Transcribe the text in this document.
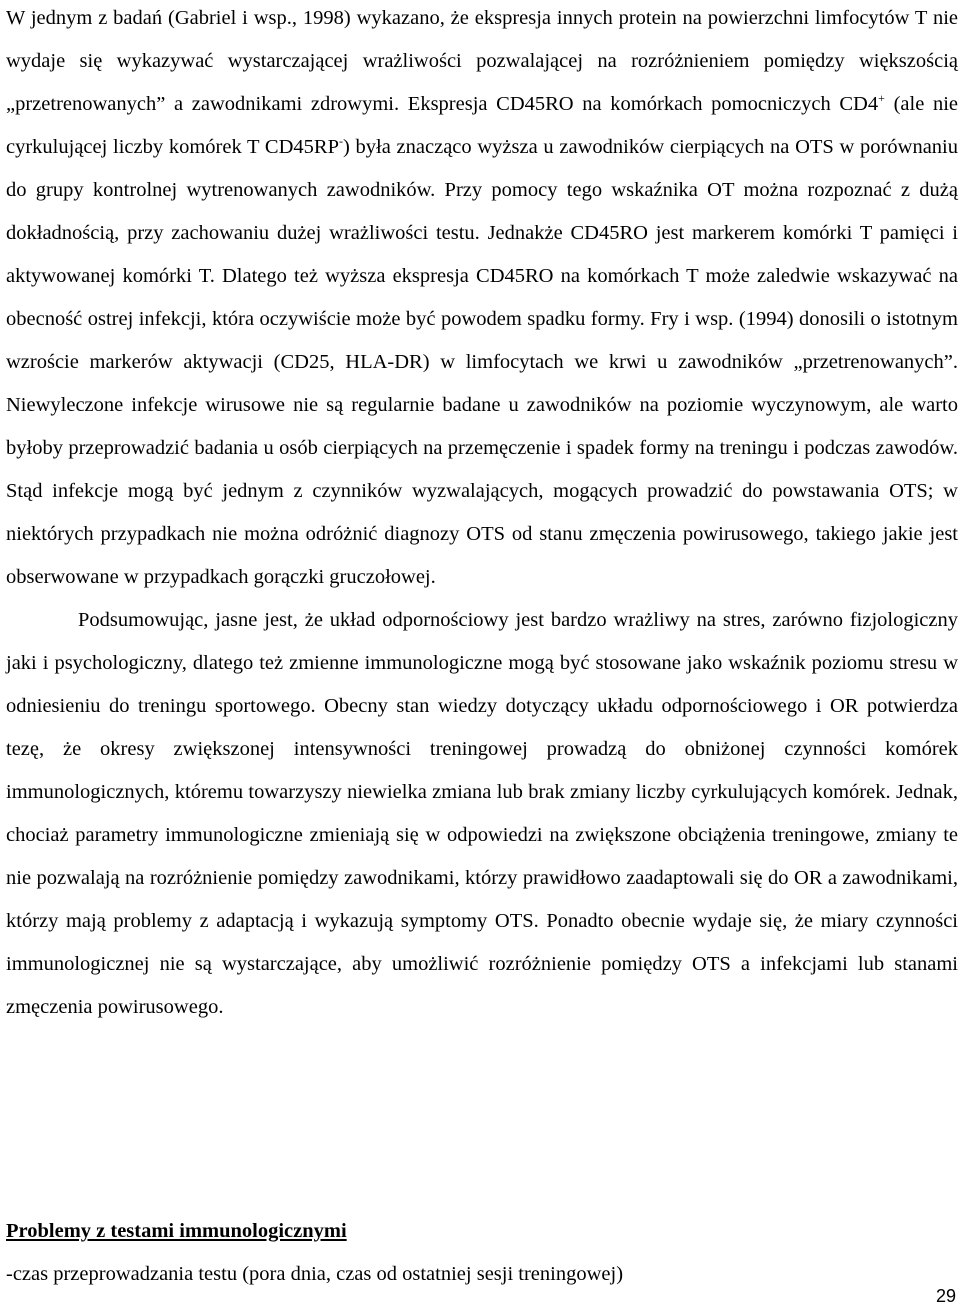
W jednym z badań (Gabriel i wsp., 1998) wykazano, że ekspresja innych protein na powierzchni limfocytów T nie wydaje się wykazywać wystarczającej wrażliwości pozwalającej na rozróżnieniem pomiędzy większością „przetrenowanych” a zawodnikami zdrowymi. Ekspresja CD45RO na komórkach pomocniczych CD4+ (ale nie cyrkulującej liczby komórek T CD45RP-) była znacząco wyższa u zawodników cierpiących na OTS w porównaniu do grupy kontrolnej wytrenowanych zawodników. Przy pomocy tego wskaźnika OT można rozpoznać z dużą dokładnością, przy zachowaniu dużej wrażliwości testu. Jednakże CD45RO jest markerem komórki T pamięci i aktywowanej komórki T. Dlatego też wyższa ekspresja CD45RO na komórkach T może zaledwie wskazywać na obecność ostrej infekcji, która oczywiście może być powodem spadku formy. Fry i wsp. (1994) donosili o istotnym wzroście markerów aktywacji (CD25, HLA-DR) w limfocytach we krwi u zawodników „przetrenowanych”. Niewyleczone infekcje wirusowe nie są regularnie badane u zawodników na poziomie wyczynowym, ale warto byłoby przeprowadzić badania u osób cierpiących na przemęczenie i spadek formy na treningu i podczas zawodów. Stąd infekcje mogą być jednym z czynników wyzwalających, mogących prowadzić do powstawania OTS; w niektórych przypadkach nie można odróżnić diagnozy OTS od stanu zmęczenia powirusowego, takiego jakie jest obserwowane w przypadkach gorączki gruczołowej.

Podsumowując, jasne jest, że układ odpornościowy jest bardzo wrażliwy na stres, zarówno fizjologiczny jaki i psychologiczny, dlatego też zmienne immunologiczne mogą być stosowane jako wskaźnik poziomu stresu w odniesieniu do treningu sportowego. Obecny stan wiedzy dotyczący układu odpornościowego i OR potwierdza tezę, że okresy zwiększonej intensywności treningowej prowadzą do obniżonej czynności komórek immunologicznych, któremu towarzyszy niewielka zmiana lub brak zmiany liczby cyrkulujących komórek. Jednak, chociaż parametry immunologiczne zmieniają się w odpowiedzi na zwiększone obciążenia treningowe, zmiany te nie pozwalają na rozróżnienie pomiędzy zawodnikami, którzy prawidłowo zaadaptowali się do OR a zawodnikami, którzy mają problemy z adaptacją i wykazują symptomy OTS. Ponadto obecnie wydaje się, że miary czynności immunologicznej nie są wystarczające, aby umożliwić rozróżnienie pomiędzy OTS a infekcjami lub stanami zmęczenia powirusowego.

Problemy z testami immunologicznymi

-czas przeprowadzania testu (pora dnia, czas od ostatniej sesji treningowej)

29
